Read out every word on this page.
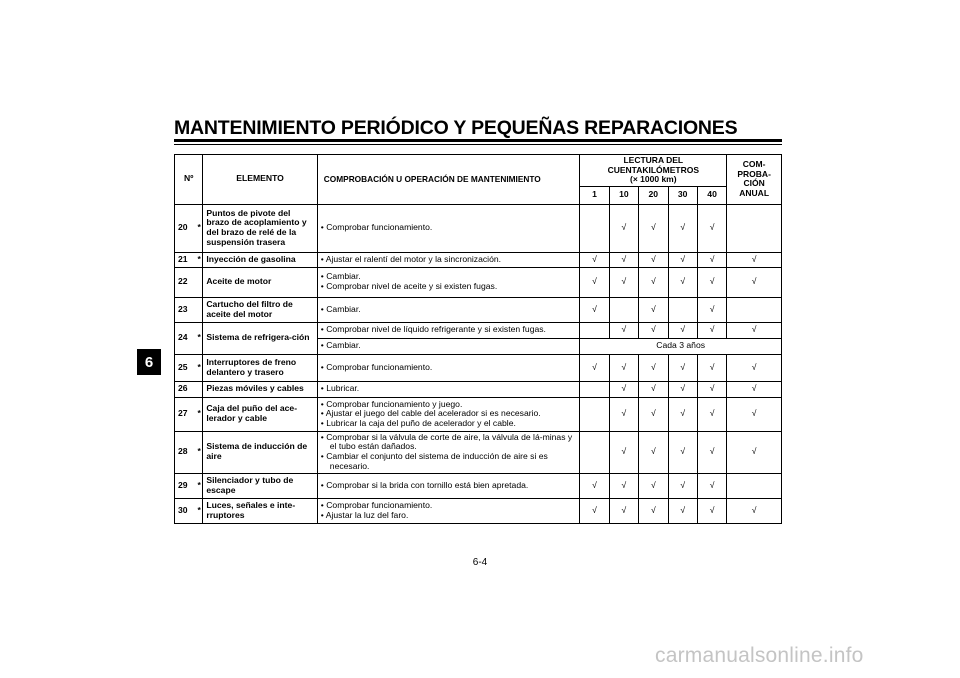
MANTENIMIENTO PERIÓDICO Y PEQUEÑAS REPARACIONES
6
Nº		ELEMENTO	COMPROBACIÓN U OPERACIÓN DE MANTENIMIENTO	LECTURA DEL CUENTAKILÓMETROS
(× 1000 km)					COM-PROBA-CIÓN ANUAL
				1	10	20	30	40	
20	*	Puntos de pivote del brazo de acoplamiento y del brazo de relé de la suspensión trasera	• Comprobar funcionamiento.		√	√	√	√	
21	*	Inyección de gasolina	• Ajustar el ralentí del motor y la sincronización.	√	√	√	√	√	√
22		Aceite de motor	• Cambiar.
• Comprobar nivel de aceite y si existen fugas.	√	√	√	√	√	√
23		Cartucho del filtro de aceite del motor	• Cambiar.	√		√		√	
24	*	Sistema de refrigera-ción	• Comprobar nivel de líquido refrigerante y si existen fugas.		√	√	√	√	√

			• Cambiar.	Cada 3 años					
25	*	Interruptores de freno delantero y trasero	• Comprobar funcionamiento.	√	√	√	√	√	√
26		Piezas móviles y cables	• Lubricar.		√	√	√	√	√
27	*	Caja del puño del ace-lerador y cable	• Comprobar funcionamiento y juego.
• Ajustar el juego del cable del acelerador si es necesario.
• Lubricar la caja del puño de acelerador y el cable.		√	√	√	√	√
28	*	Sistema de inducción de aire	• Comprobar si la válvula de corte de aire, la válvula de lá-minas y el tubo están dañados.
• Cambiar el conjunto del sistema de inducción de aire si es necesario.		√	√	√	√	√
29	*	Silenciador y tubo de escape	• Comprobar si la brida con tornillo está bien apretada.	√	√	√	√	√	
30	*	Luces, señales e inte-rruptores	• Comprobar funcionamiento.
• Ajustar la luz del faro.	√	√	√	√	√	√
6-4
carmanualsonline.info
